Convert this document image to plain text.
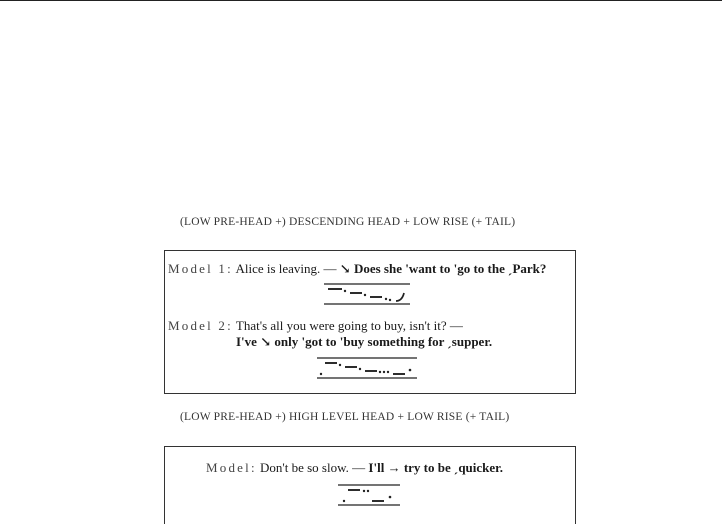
(LOW PRE-HEAD +) DESCENDING HEAD + LOW RISE (+ TAIL)
Model 1: Alice is leaving. — ↘ Does she 'want to 'go to the ˏPark?
Model 2: That's all you were going to buy, isn't it? —
I've ↘ only 'got to 'buy something for ˏsupper.
(LOW PRE-HEAD +) HIGH LEVEL HEAD + LOW RISE (+ TAIL)
Model: Don't be so slow. — I'll → try to be ˏquicker.
